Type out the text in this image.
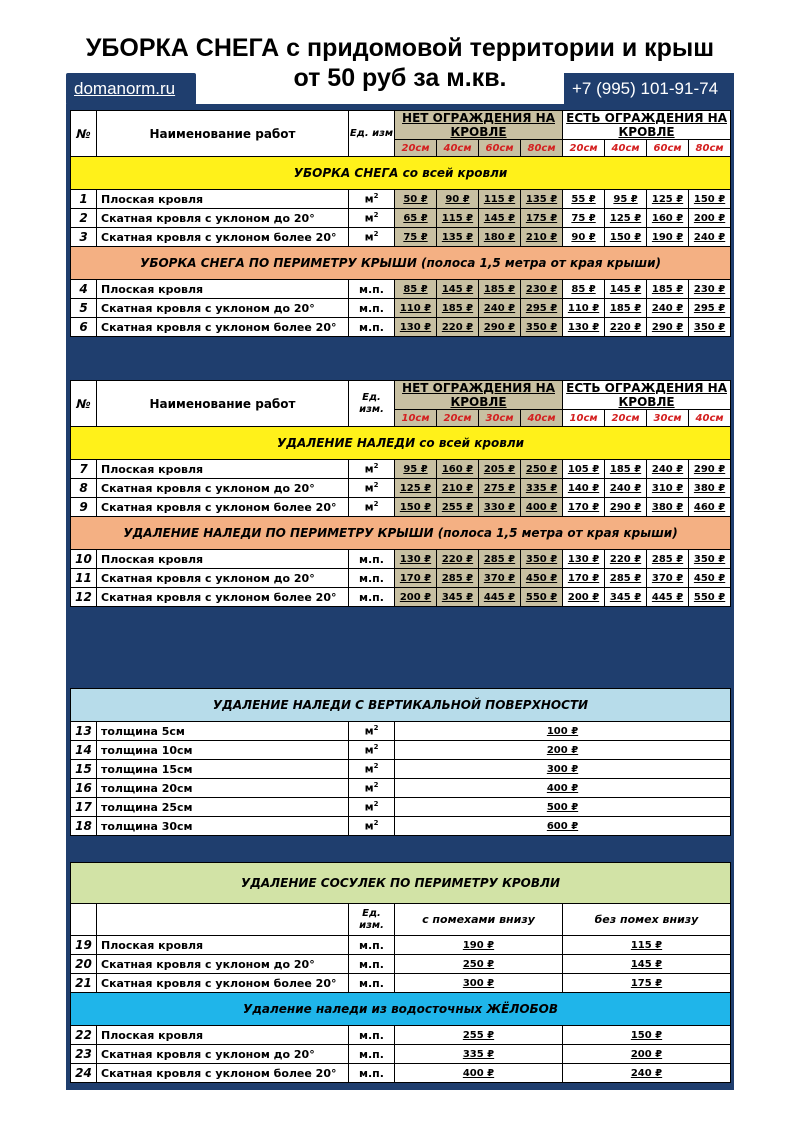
УБОРКА СНЕГА с придомовой территории и крыш
от 50 руб за м.кв.
domanorm.ru	+7 (995) 101-91-74
№	Наименование работ	Ед. изм	НЕТ ОГРАЖДЕНИЯ НА КРОВЛЕ				ЕСТЬ ОГРАЖДЕНИЯ НА КРОВЛЕ			
			20см	40см	60см	80см	20см	40см	60см	80см
УБОРКА СНЕГА со всей кровли										
1	Плоская кровля	$м^2$	50 ₽	90 ₽	115 ₽	135 ₽	55 ₽	95 ₽	125 ₽	150 ₽
2	Скатная кровля с уклоном до 20°	$м^2$	65 ₽	115 ₽	145 ₽	175 ₽	75 ₽	125 ₽	160 ₽	200 ₽
3	Скатная кровля с уклоном более 20°	$м^2$	75 ₽	135 ₽	180 ₽	210 ₽	90 ₽	150 ₽	190 ₽	240 ₽
УБОРКА СНЕГА ПО ПЕРИМЕТРУ КРЫШИ (полоса 1,5 метра от края крыши)										
4	Плоская кровля	м.п.	85 ₽	145 ₽	185 ₽	230 ₽	85 ₽	145 ₽	185 ₽	230 ₽
5	Скатная кровля с уклоном до 20°	м.п.	110 ₽	185 ₽	240 ₽	295 ₽	110 ₽	185 ₽	240 ₽	295 ₽
6	Скатная кровля с уклоном более 20°	м.п.	130 ₽	220 ₽	290 ₽	350 ₽	130 ₽	220 ₽	290 ₽	350 ₽
№	Наименование работ	Ед. изм.	НЕТ ОГРАЖДЕНИЯ НА КРОВЛЕ				ЕСТЬ ОГРАЖДЕНИЯ НА КРОВЛЕ			
			10см	20см	30см	40см	10см	20см	30см	40см
УДАЛЕНИЕ НАЛЕДИ со всей кровли										
7	Плоская кровля	$м^2$	95 ₽	160 ₽	205 ₽	250 ₽	105 ₽	185 ₽	240 ₽	290 ₽
8	Скатная кровля с уклоном до 20°	$м^2$	125 ₽	210 ₽	275 ₽	335 ₽	140 ₽	240 ₽	310 ₽	380 ₽
9	Скатная кровля с уклоном более 20°	$м^2$	150 ₽	255 ₽	330 ₽	400 ₽	170 ₽	290 ₽	380 ₽	460 ₽
УДАЛЕНИЕ НАЛЕДИ ПО ПЕРИМЕТРУ КРЫШИ (полоса 1,5 метра от края крыши)										
10	Плоская кровля	м.п.	130 ₽	220 ₽	285 ₽	350 ₽	130 ₽	220 ₽	285 ₽	350 ₽
11	Скатная кровля с уклоном до 20°	м.п.	170 ₽	285 ₽	370 ₽	450 ₽	170 ₽	285 ₽	370 ₽	450 ₽
12	Скатная кровля с уклоном более 20°	м.п.	200 ₽	345 ₽	445 ₽	550 ₽	200 ₽	345 ₽	445 ₽	550 ₽
УДАЛЕНИЕ НАЛЕДИ С ВЕРТИКАЛЬНОЙ ПОВЕРХНОСТИ			
13	толщина 5см	$м^2$	100 ₽
14	толщина 10см	$м^2$	200 ₽
15	толщина 15см	$м^2$	300 ₽
16	толщина 20см	$м^2$	400 ₽
17	толщина 25см	$м^2$	500 ₽
18	толщина 30см	$м^2$	600 ₽
УДАЛЕНИЕ СОСУЛЕК ПО ПЕРИМЕТРУ КРОВЛИ				
		Ед. изм.	с помехами внизу	без помех внизу
19	Плоская кровля	м.п.	190 ₽	115 ₽
20	Скатная кровля с уклоном до 20°	м.п.	250 ₽	145 ₽
21	Скатная кровля с уклоном более 20°	м.п.	300 ₽	175 ₽
Удаление наледи из водосточных ЖЁЛОБОВ				
22	Плоская кровля	м.п.	255 ₽	150 ₽
23	Скатная кровля с уклоном до 20°	м.п.	335 ₽	200 ₽
24	Скатная кровля с уклоном более 20°	м.п.	400 ₽	240 ₽
